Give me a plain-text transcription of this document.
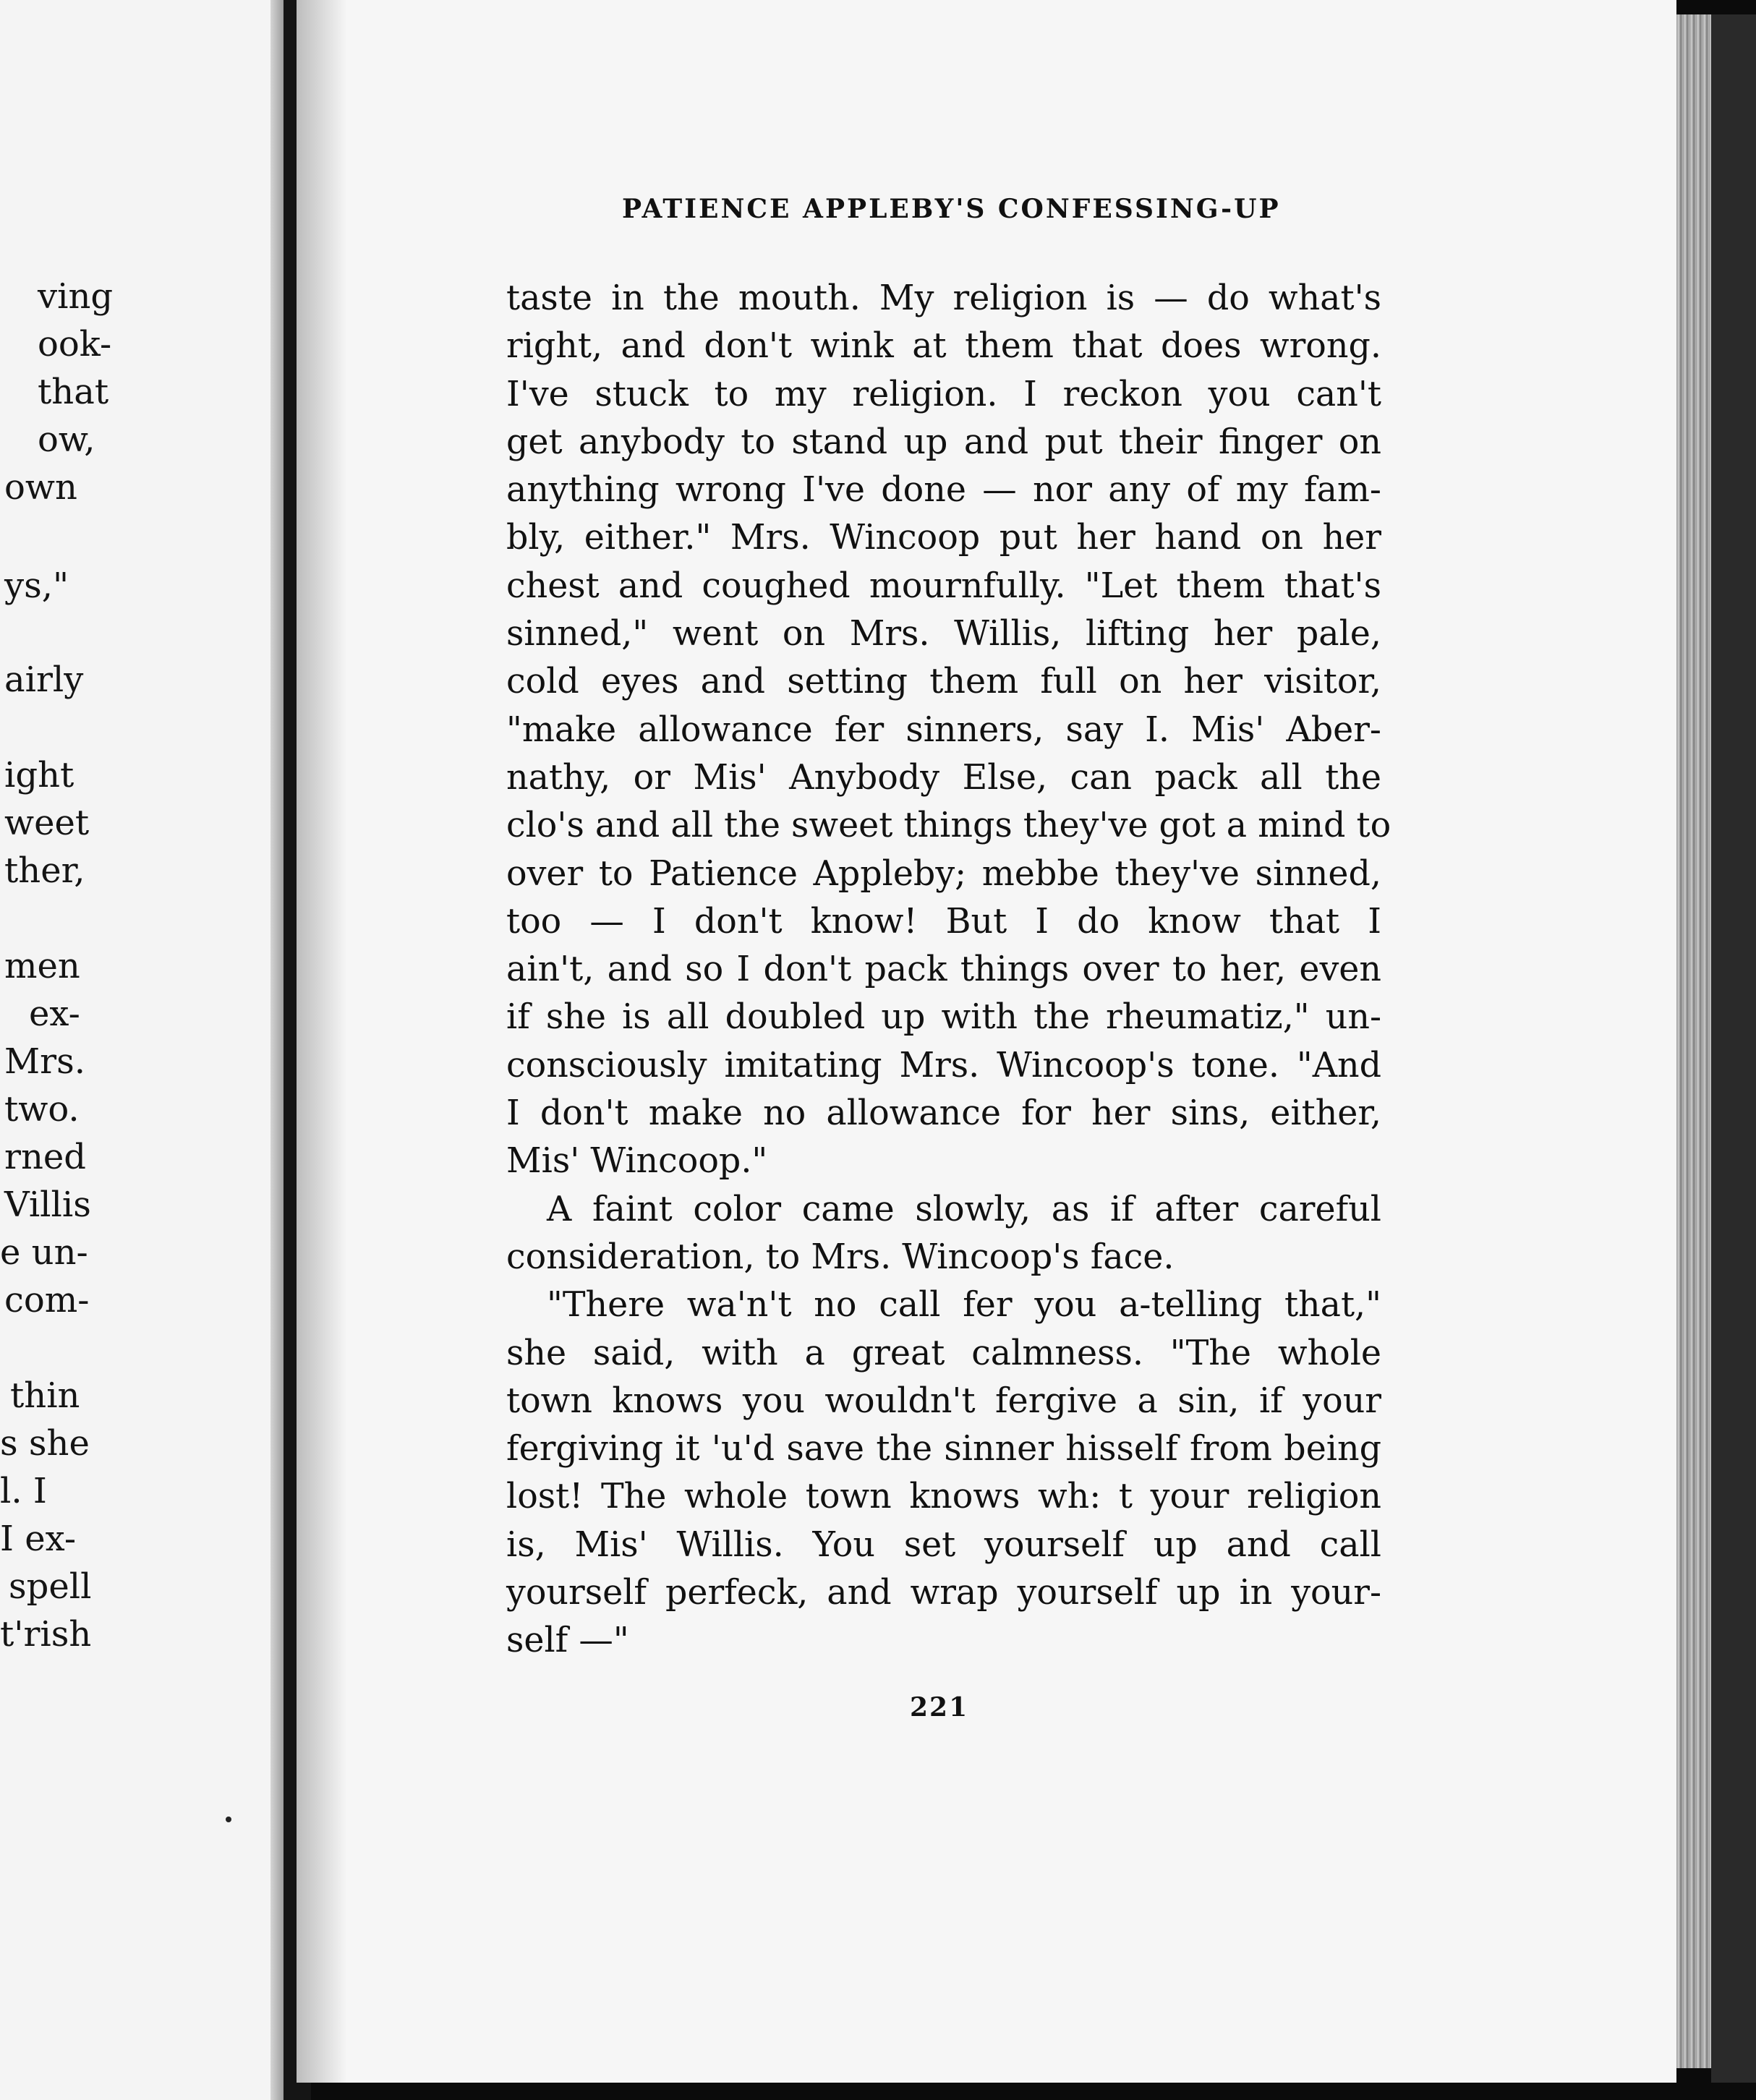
ving
ook-
that
ow,
own
ys,"
airly
ight
weet
ther,
men
ex-
Mrs.
two.
rned
Villis
e un-
com-
thin
s she
l. I
I ex-
spell
t'rish
PATIENCE APPLEBY'S CONFESSING-UP
taste in the mouth. My religion is — do what's
right, and don't wink at them that does wrong.
I've stuck to my religion. I reckon you can't
get anybody to stand up and put their finger on
anything wrong I've done — nor any of my fam-
bly, either." Mrs. Wincoop put her hand on her
chest and coughed mournfully. "Let them that's
sinned," went on Mrs. Willis, lifting her pale,
cold eyes and setting them full on her visitor,
"make allowance fer sinners, say I. Mis' Aber-
nathy, or Mis' Anybody Else, can pack all the
clo's and all the sweet things they've got a mind to
over to Patience Appleby; mebbe they've sinned,
too — I don't know! But I do know that I
ain't, and so I don't pack things over to her, even
if she is all doubled up with the rheumatiz," un-
consciously imitating Mrs. Wincoop's tone. "And
I don't make no allowance for her sins, either,
Mis' Wincoop."
A faint color came slowly, as if after careful
consideration, to Mrs. Wincoop's face.
"There wa'n't no call fer you a-telling that,"
she said, with a great calmness. "The whole
town knows you wouldn't fergive a sin, if your
fergiving it 'u'd save the sinner hisself from being
lost! The whole town knows wh: t your religion
is, Mis' Willis. You set yourself up and call
yourself perfeck, and wrap yourself up in your-
self —"
221
